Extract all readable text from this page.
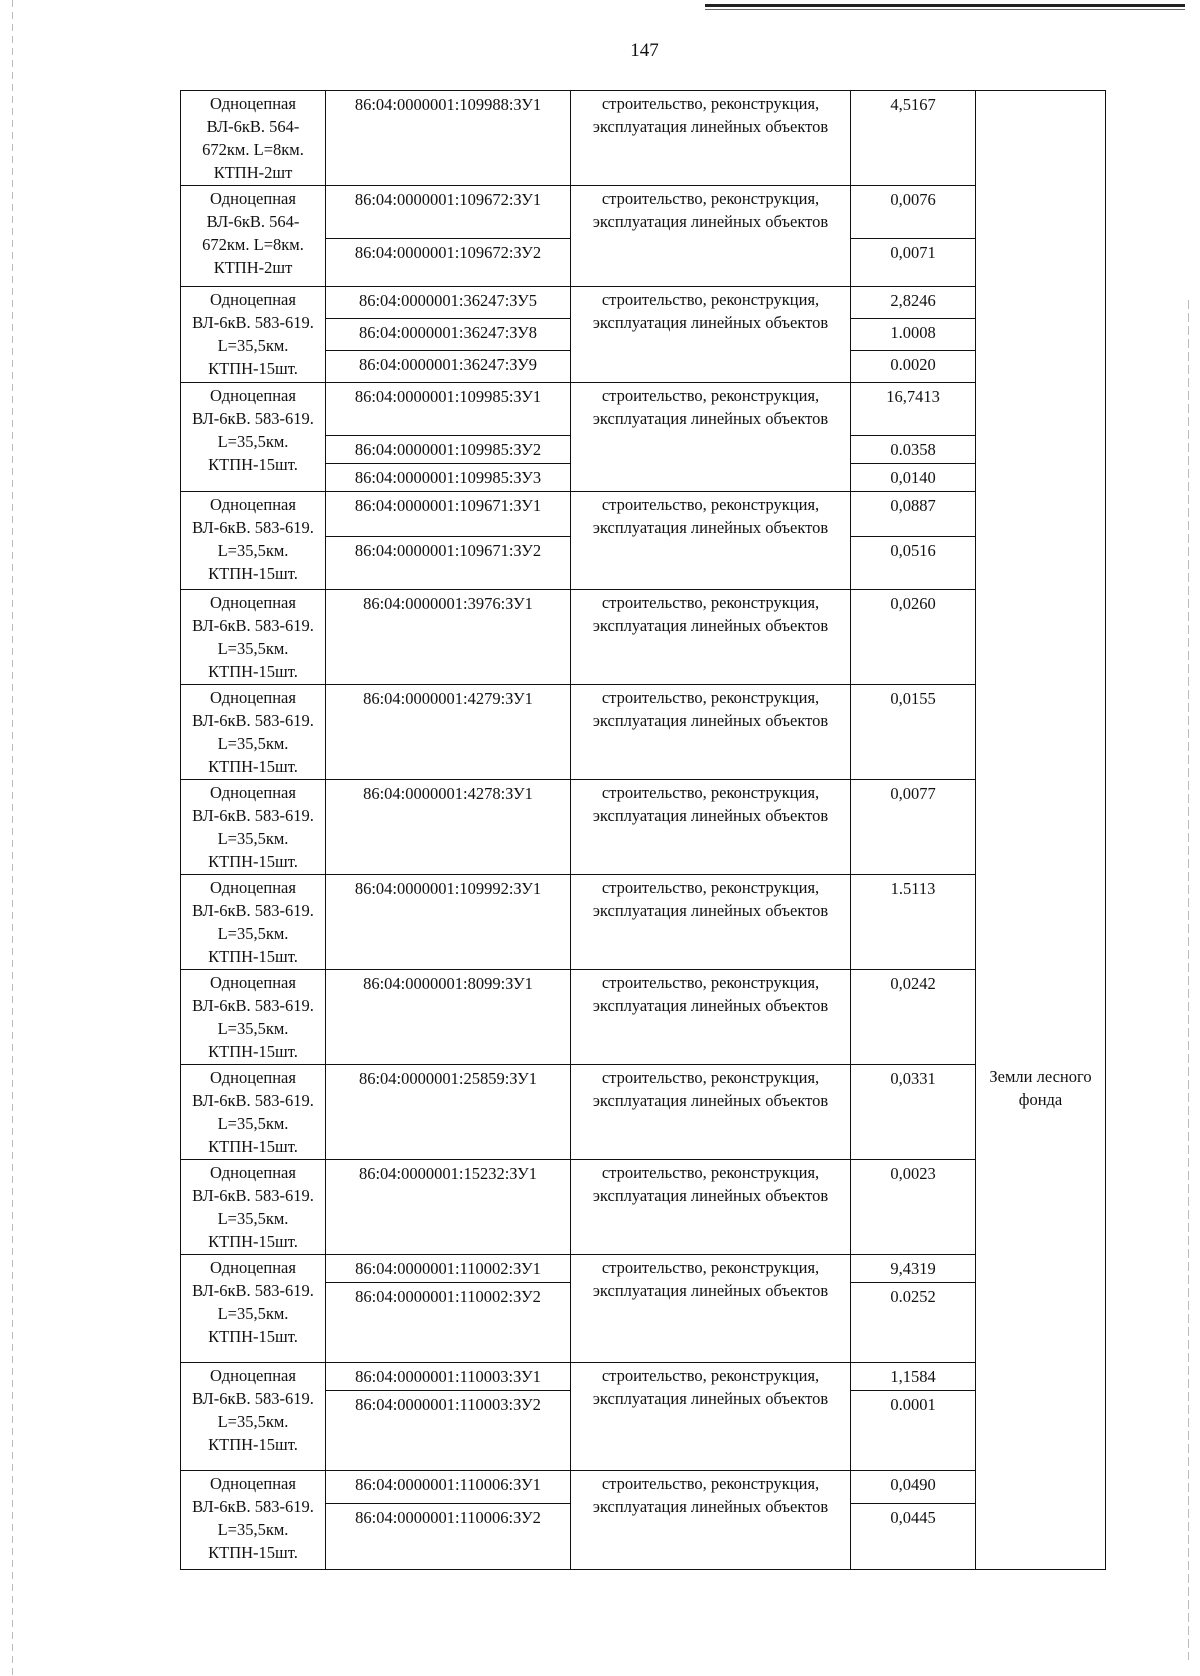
147
Одноцепная ВЛ-6кВ. 564-672км. L=8км. КТПН-2шт	86:04:0000001:109988:ЗУ1	строительство, реконструкция, эксплуатация линейных объектов	4,5167	
Одноцепная ВЛ-6кВ. 564-672км. L=8км. КТПН-2шт	86:04:0000001:109672:ЗУ1	строительство, реконструкция, эксплуатация линейных объектов	0,0076	
	86:04:0000001:109672:ЗУ2		0,0071	
Одноцепная ВЛ-6кВ. 583-619. L=35,5км. КТПН-15шт.	86:04:0000001:36247:ЗУ5	строительство, реконструкция, эксплуатация линейных объектов	2,8246	
	86:04:0000001:36247:ЗУ8		1.0008	
	86:04:0000001:36247:ЗУ9		0.0020	
Одноцепная ВЛ-6кВ. 583-619. L=35,5км. КТПН-15шт.	86:04:0000001:109985:ЗУ1	строительство, реконструкция, эксплуатация линейных объектов	16,7413	
	86:04:0000001:109985:ЗУ2		0.0358	
	86:04:0000001:109985:ЗУ3		0,0140	
Одноцепная ВЛ-6кВ. 583-619. L=35,5км. КТПН-15шт.	86:04:0000001:109671:ЗУ1	строительство, реконструкция, эксплуатация линейных объектов	0,0887	
	86:04:0000001:109671:ЗУ2		0,0516	
Одноцепная ВЛ-6кВ. 583-619. L=35,5км. КТПН-15шт.	86:04:0000001:3976:ЗУ1	строительство, реконструкция, эксплуатация линейных объектов	0,0260	
Одноцепная ВЛ-6кВ. 583-619. L=35,5км. КТПН-15шт.	86:04:0000001:4279:ЗУ1	строительство, реконструкция, эксплуатация линейных объектов	0,0155	
Одноцепная ВЛ-6кВ. 583-619. L=35,5км. КТПН-15шт.	86:04:0000001:4278:ЗУ1	строительство, реконструкция, эксплуатация линейных объектов	0,0077	
Одноцепная ВЛ-6кВ. 583-619. L=35,5км. КТПН-15шт.	86:04:0000001:109992:ЗУ1	строительство, реконструкция, эксплуатация линейных объектов	1.5113	
Одноцепная ВЛ-6кВ. 583-619. L=35,5км. КТПН-15шт.	86:04:0000001:8099:ЗУ1	строительство, реконструкция, эксплуатация линейных объектов	0,0242	
Одноцепная ВЛ-6кВ. 583-619. L=35,5км. КТПН-15шт.	86:04:0000001:25859:ЗУ1	строительство, реконструкция, эксплуатация линейных объектов	0,0331	Земли лесного фонда
Одноцепная ВЛ-6кВ. 583-619. L=35,5км. КТПН-15шт.	86:04:0000001:15232:ЗУ1	строительство, реконструкция, эксплуатация линейных объектов	0,0023	
Одноцепная ВЛ-6кВ. 583-619. L=35,5км. КТПН-15шт.	86:04:0000001:110002:ЗУ1	строительство, реконструкция, эксплуатация линейных объектов	9,4319	
	86:04:0000001:110002:ЗУ2		0.0252	
Одноцепная ВЛ-6кВ. 583-619. L=35,5км. КТПН-15шт.	86:04:0000001:110003:ЗУ1	строительство, реконструкция, эксплуатация линейных объектов	1,1584	
	86:04:0000001:110003:ЗУ2		0.0001	
Одноцепная ВЛ-6кВ. 583-619. L=35,5км. КТПН-15шт.	86:04:0000001:110006:ЗУ1	строительство, реконструкция, эксплуатация линейных объектов	0,0490	
	86:04:0000001:110006:ЗУ2		0,0445	
